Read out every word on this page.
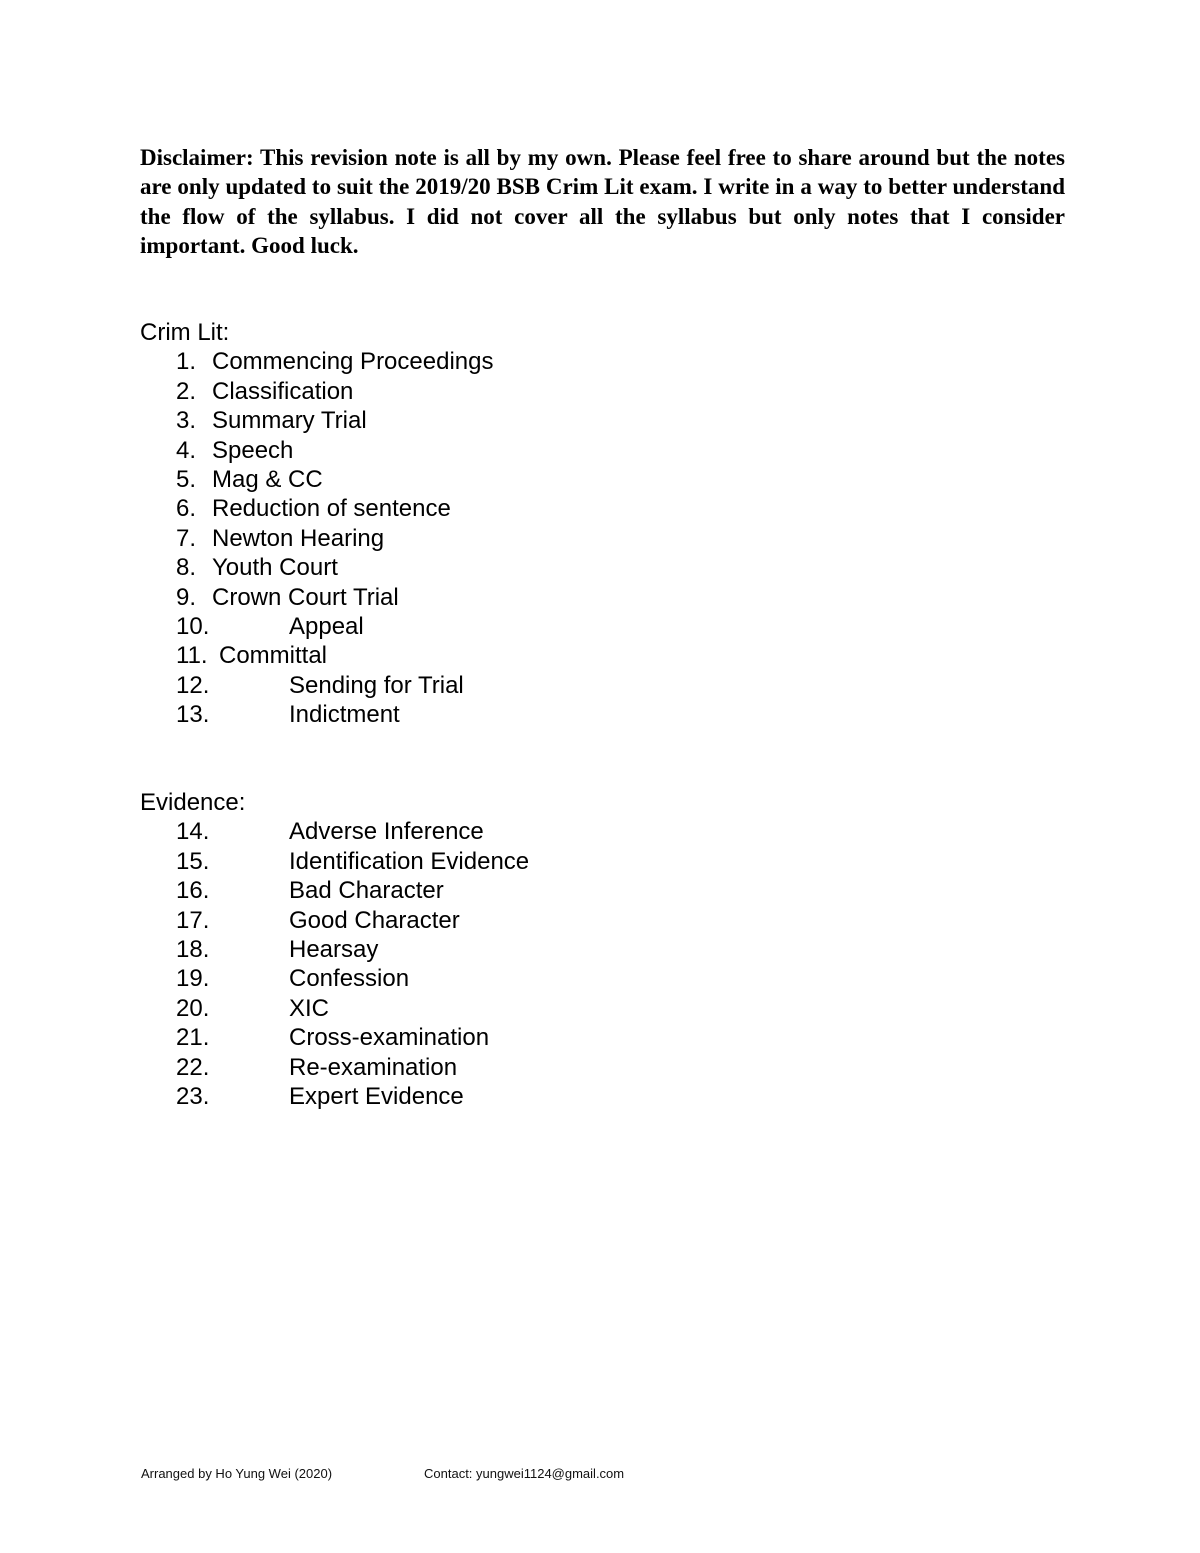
Disclaimer: This revision note is all by my own. Please feel free to share around but the notes are only updated to suit the 2019/20 BSB Crim Lit exam. I write in a way to better understand the flow of the syllabus. I did not cover all the syllabus but only notes that I consider important. Good luck.
Crim Lit:
1. Commencing Proceedings
2. Classification
3. Summary Trial
4. Speech
5. Mag & CC
6. Reduction of sentence
7. Newton Hearing
8. Youth Court
9. Crown Court Trial
10.	Appeal
11. Committal
12.	Sending for Trial
13.	Indictment
Evidence:
14.	Adverse Inference
15.	Identification Evidence
16.	Bad Character
17.	Good Character
18.	Hearsay
19.	Confession
20.	XIC
21.	Cross-examination
22.	Re-examination
23.	Expert Evidence
Arranged by Ho Yung Wei (2020)	Contact: yungwei1124@gmail.com
